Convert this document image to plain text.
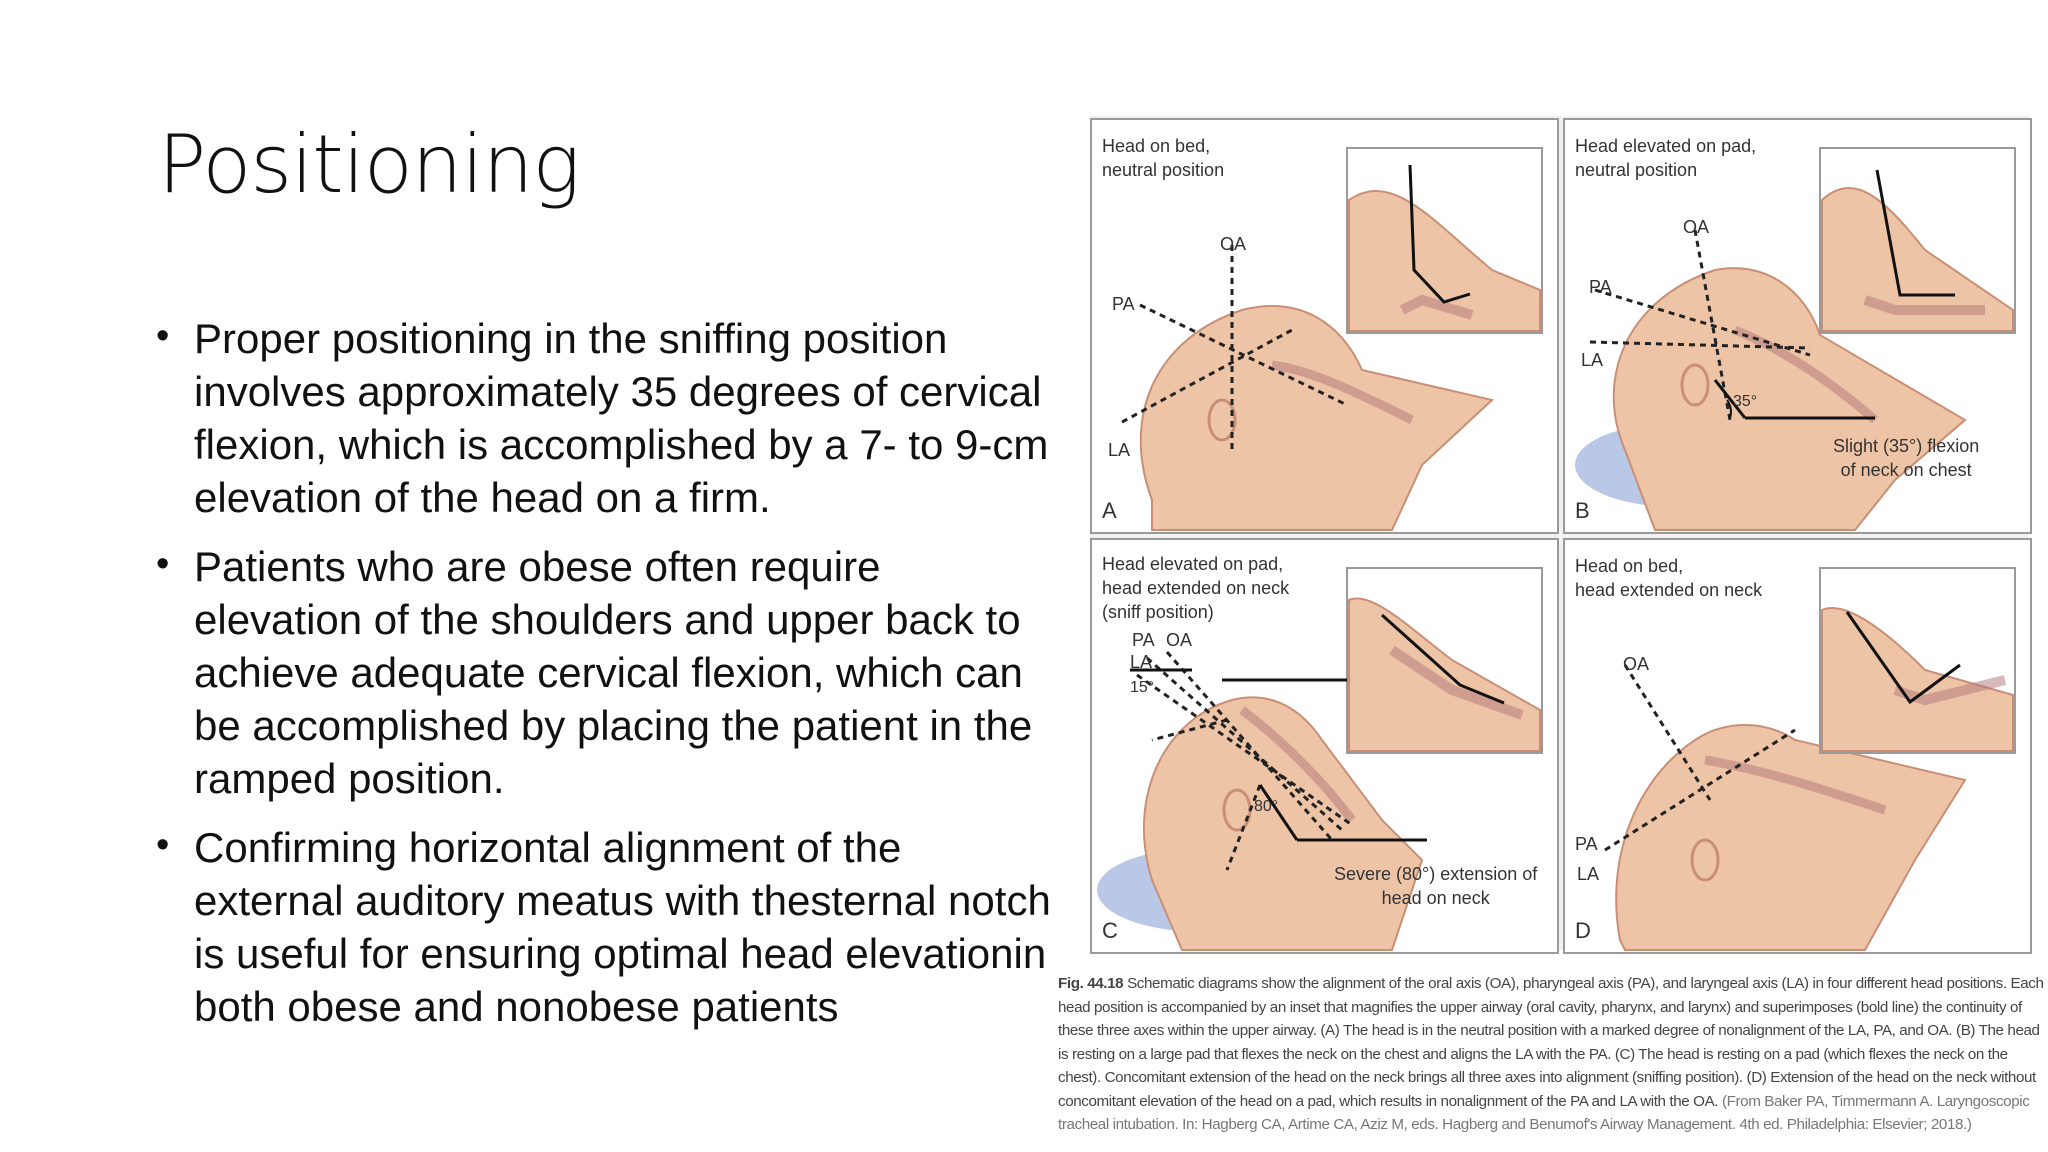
Positioning
• Proper positioning in the sniffing position involves approximately 35 degrees of cervical flexion, which is accomplished by a 7- to 9-cm elevation of the head on a firm.
• Patients who are obese often require elevation of the shoulders and upper back to achieve adequate cervical flexion, which can be accomplished by placing the patient in the ramped position.
• Confirming horizontal alignment of the external auditory meatus with thesternal notch is useful for ensuring optimal head elevationin both obese and nonobese patients
Head on bed,
neutral position
OA
PA
LA
A
Head elevated on pad,
neutral position
OA
PA
LA
35°
Slight (35°) flexion
of neck on chest
B
Head elevated on pad,
head extended on neck
(sniff position)
PA OA
LA
15°
80°
Severe (80°) extension of
head on neck
C
Head on bed,
head extended on neck
OA
PA
LA
D
Fig. 44.18 Schematic diagrams show the alignment of the oral axis (OA), pharyngeal axis (PA), and laryngeal axis (LA) in four different head positions. Each head position is accompanied by an inset that magnifies the upper airway (oral cavity, pharynx, and larynx) and superimposes (bold line) the continuity of these three axes within the upper airway. (A) The head is in the neutral position with a marked degree of nonalignment of the LA, PA, and OA. (B) The head is resting on a large pad that flexes the neck on the chest and aligns the LA with the PA. (C) The head is resting on a pad (which flexes the neck on the chest). Concomitant extension of the head on the neck brings all three axes into alignment (sniffing position). (D) Extension of the head on the neck without concomitant elevation of the head on a pad, which results in nonalignment of the PA and LA with the OA. (From Baker PA, Timmermann A. Laryngoscopic tracheal intubation. In: Hagberg CA, Artime CA, Aziz M, eds. Hagberg and Benumof's Airway Management. 4th ed. Philadelphia: Elsevier; 2018.)
